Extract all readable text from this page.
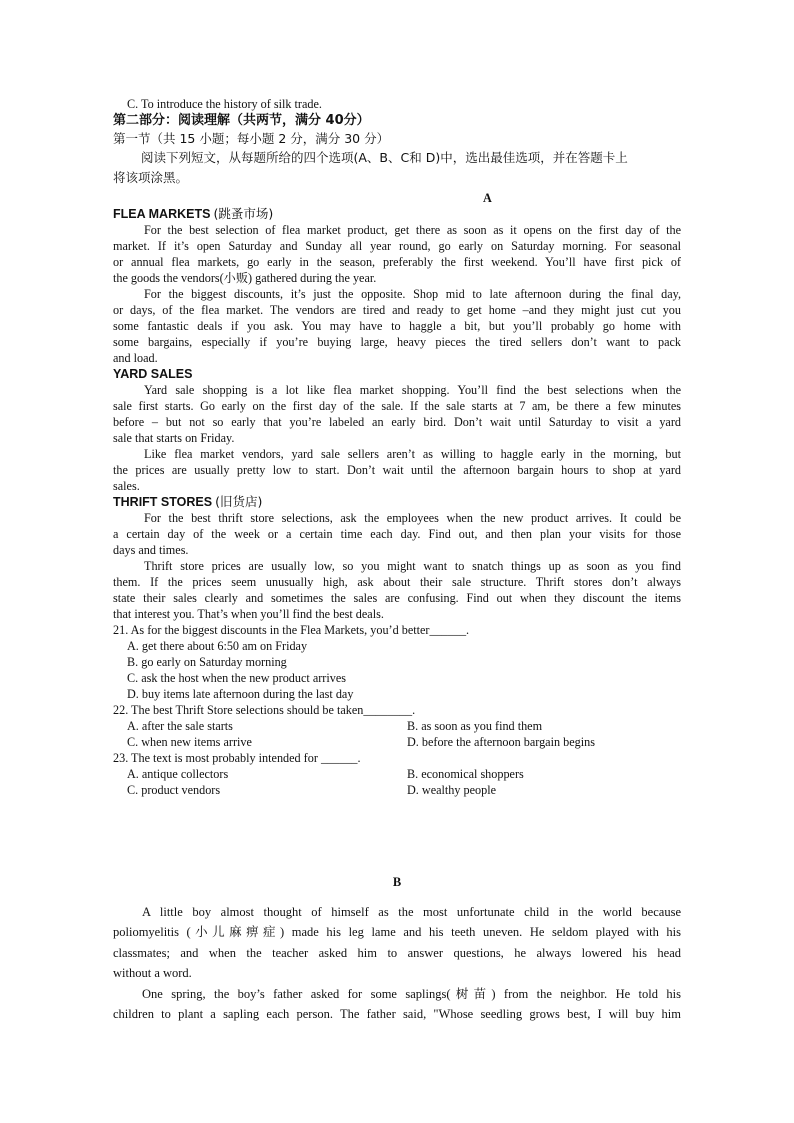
C. To introduce the history of silk trade.

第二部分：阅读理解（共两节，满分 40分）

第一节（共 15 小题；每小题 2 分，满分 30 分）

阅读下列短文，从每题所给的四个选项(A、B、C和 D)中，选出最佳选项，并在答题卡上

将该项涂黑。

A

FLEA MARKETS (跳蚤市场)

For the best selection of flea market product, get there as soon as it opens on the first day of the

market. If it’s open Saturday and Sunday all year round, go early on Saturday morning. For seasonal

or annual flea markets, go early in the season, preferably the first weekend. You’ll have first pick of

the goods the vendors(小贩) gathered during the year.

For the biggest discounts, it’s just the opposite. Shop mid to late afternoon during the final day,

or days, of the flea market. The vendors are tired and ready to get home –and they might just cut you

some fantastic deals if you ask. You may have to haggle a bit, but you’ll probably go home with

some bargains, especially if you’re buying large, heavy pieces the tired sellers don’t want to pack

and load.

YARD SALES

Yard sale shopping is a lot like flea market shopping. You’ll find the best selections when the

sale first starts. Go early on the first day of the sale. If the sale starts at 7 am, be there a few minutes

before – but not so early that you’re labeled an early bird. Don’t wait until Saturday to visit a yard

sale that starts on Friday.

Like flea market vendors, yard sale sellers aren’t as willing to haggle early in the morning, but

the prices are usually pretty low to start. Don’t wait until the afternoon bargain hours to shop at yard

sales.

THRIFT STORES (旧货店)

For the best thrift store selections, ask the employees when the new product arrives. It could be

a certain day of the week or a certain time each day. Find out, and then plan your visits for those

days and times.

Thrift store prices are usually low, so you might want to snatch things up as soon as you find

them. If the prices seem unusually high, ask about their sale structure. Thrift stores don’t always

state their sales clearly and sometimes the sales are confusing. Find out when they discount the items

that interest you. That’s when you’ll find the best deals.

21. As for the biggest discounts in the Flea Markets, you’d better______.

A. get there about 6:50 am on Friday

B. go early on Saturday morning

C. ask the host when the new product arrives

D. buy items late afternoon during the last day

22. The best Thrift Store selections should be taken________.

A. after the sale starts	B. as soon as you find them
C. when new items arrive	D. before the afternoon bargain begins

23. The text is most probably intended for ______.

A. antique collectors	B. economical shoppers
C. product vendors	D. wealthy people

B

A little boy almost thought of himself as the most unfortunate child in the world because

poliomyelitis (小儿麻痹症) made his leg lame and his teeth uneven. He seldom played with his

classmates; and when the teacher asked him to answer questions, he always lowered his head

without a word.

One spring, the boy’s father asked for some saplings(树苗) from the neighbor. He told his

children to plant a sapling each person. The father said, "Whose seedling grows best, I will buy him
